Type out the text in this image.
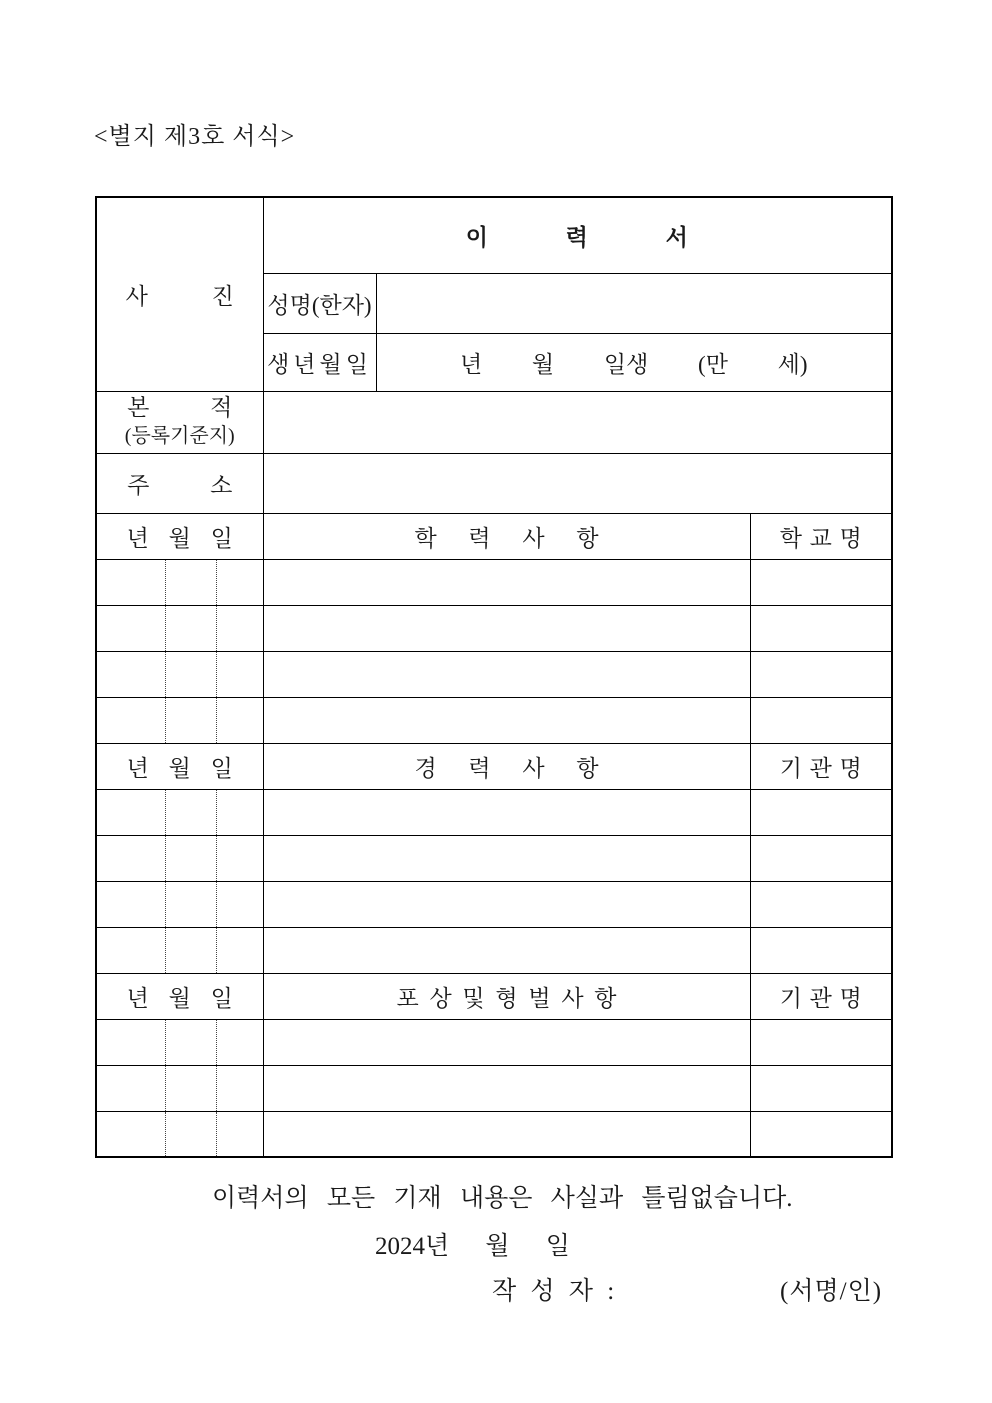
<별지 제3호 서식>
사 진			이 력 서		
			성명(한자)		
			생년월일	년 월 일생 (만 세)	

본 적
(등록기준지)					

주 소					
년 월 일			학 력 사 항		학 교 명

년 월 일			경 력 사 항		기 관 명

년 월 일			포 상 및 형 벌 사 항		기 관 명

이력서의 모든 기재 내용은 사실과 틀림없습니다.
2024년 월 일
작 성 자 :	(서명/인)
